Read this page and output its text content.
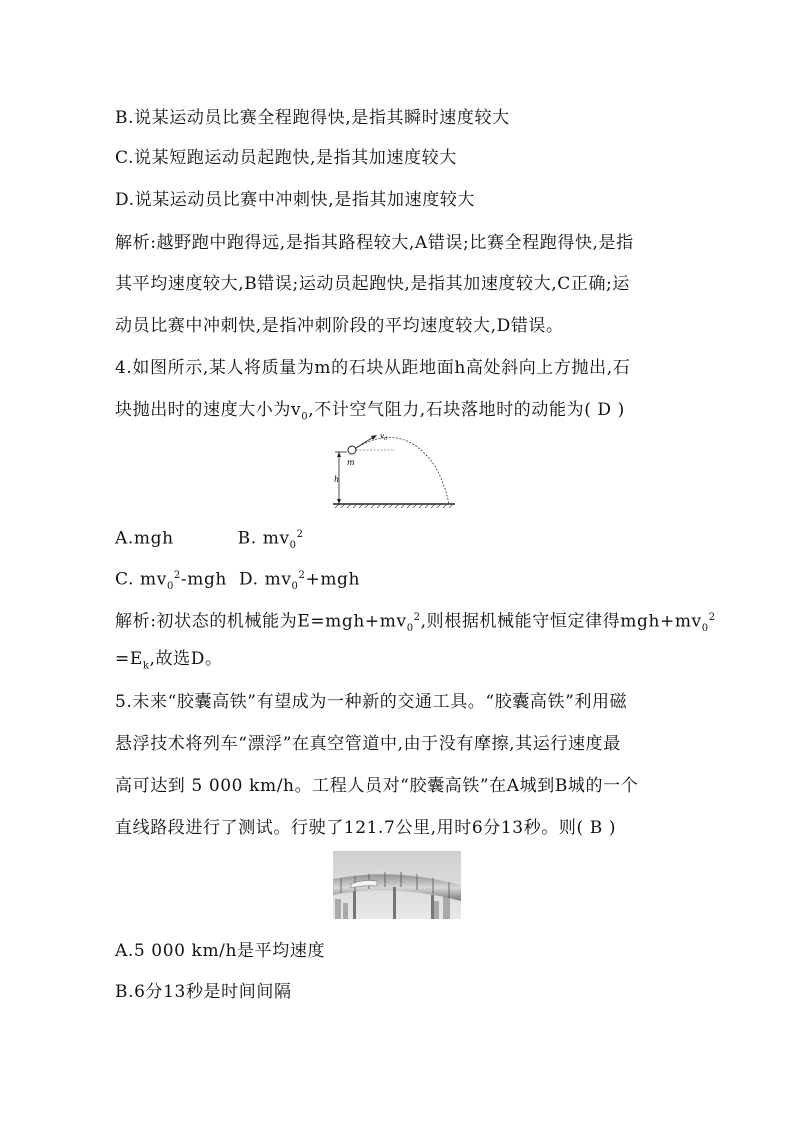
B.说某运动员比赛全程跑得快,是指其瞬时速度较大
C.说某短跑运动员起跑快,是指其加速度较大
D.说某运动员比赛中冲刺快,是指其加速度较大
解析:越野跑中跑得远,是指其路程较大,A错误;比赛全程跑得快,是指
其平均速度较大,B错误;运动员起跑快,是指其加速度较大,C正确;运
动员比赛中冲刺快,是指冲刺阶段的平均速度较大,D错误。
4.如图所示,某人将质量为m的石块从距地面h高处斜向上方抛出,石
块抛出时的速度大小为$v_0$,不计空气阻力,石块落地时的动能为( D )
h
m
$v_0$
A.mgh	B. $mv_0^2$
C. $mv_0^2$-mgh D. $mv_0^2+mgh$
解析:初状态的机械能为$E=mgh+mv_0^2$,则根据机械能守恒定律得$mgh+mv_0^2$
$=E_k$,故选D。
5.未来“胶囊高铁”有望成为一种新的交通工具。“胶囊高铁”利用磁
悬浮技术将列车“漂浮”在真空管道中,由于没有摩擦,其运行速度最
高可达到 5 000 km/h。工程人员对“胶囊高铁”在A城到B城的一个
直线路段进行了测试。行驶了121.7公里,用时6分13秒。则( B )
A.5 000 km/h是平均速度
B.6分13秒是时间间隔
